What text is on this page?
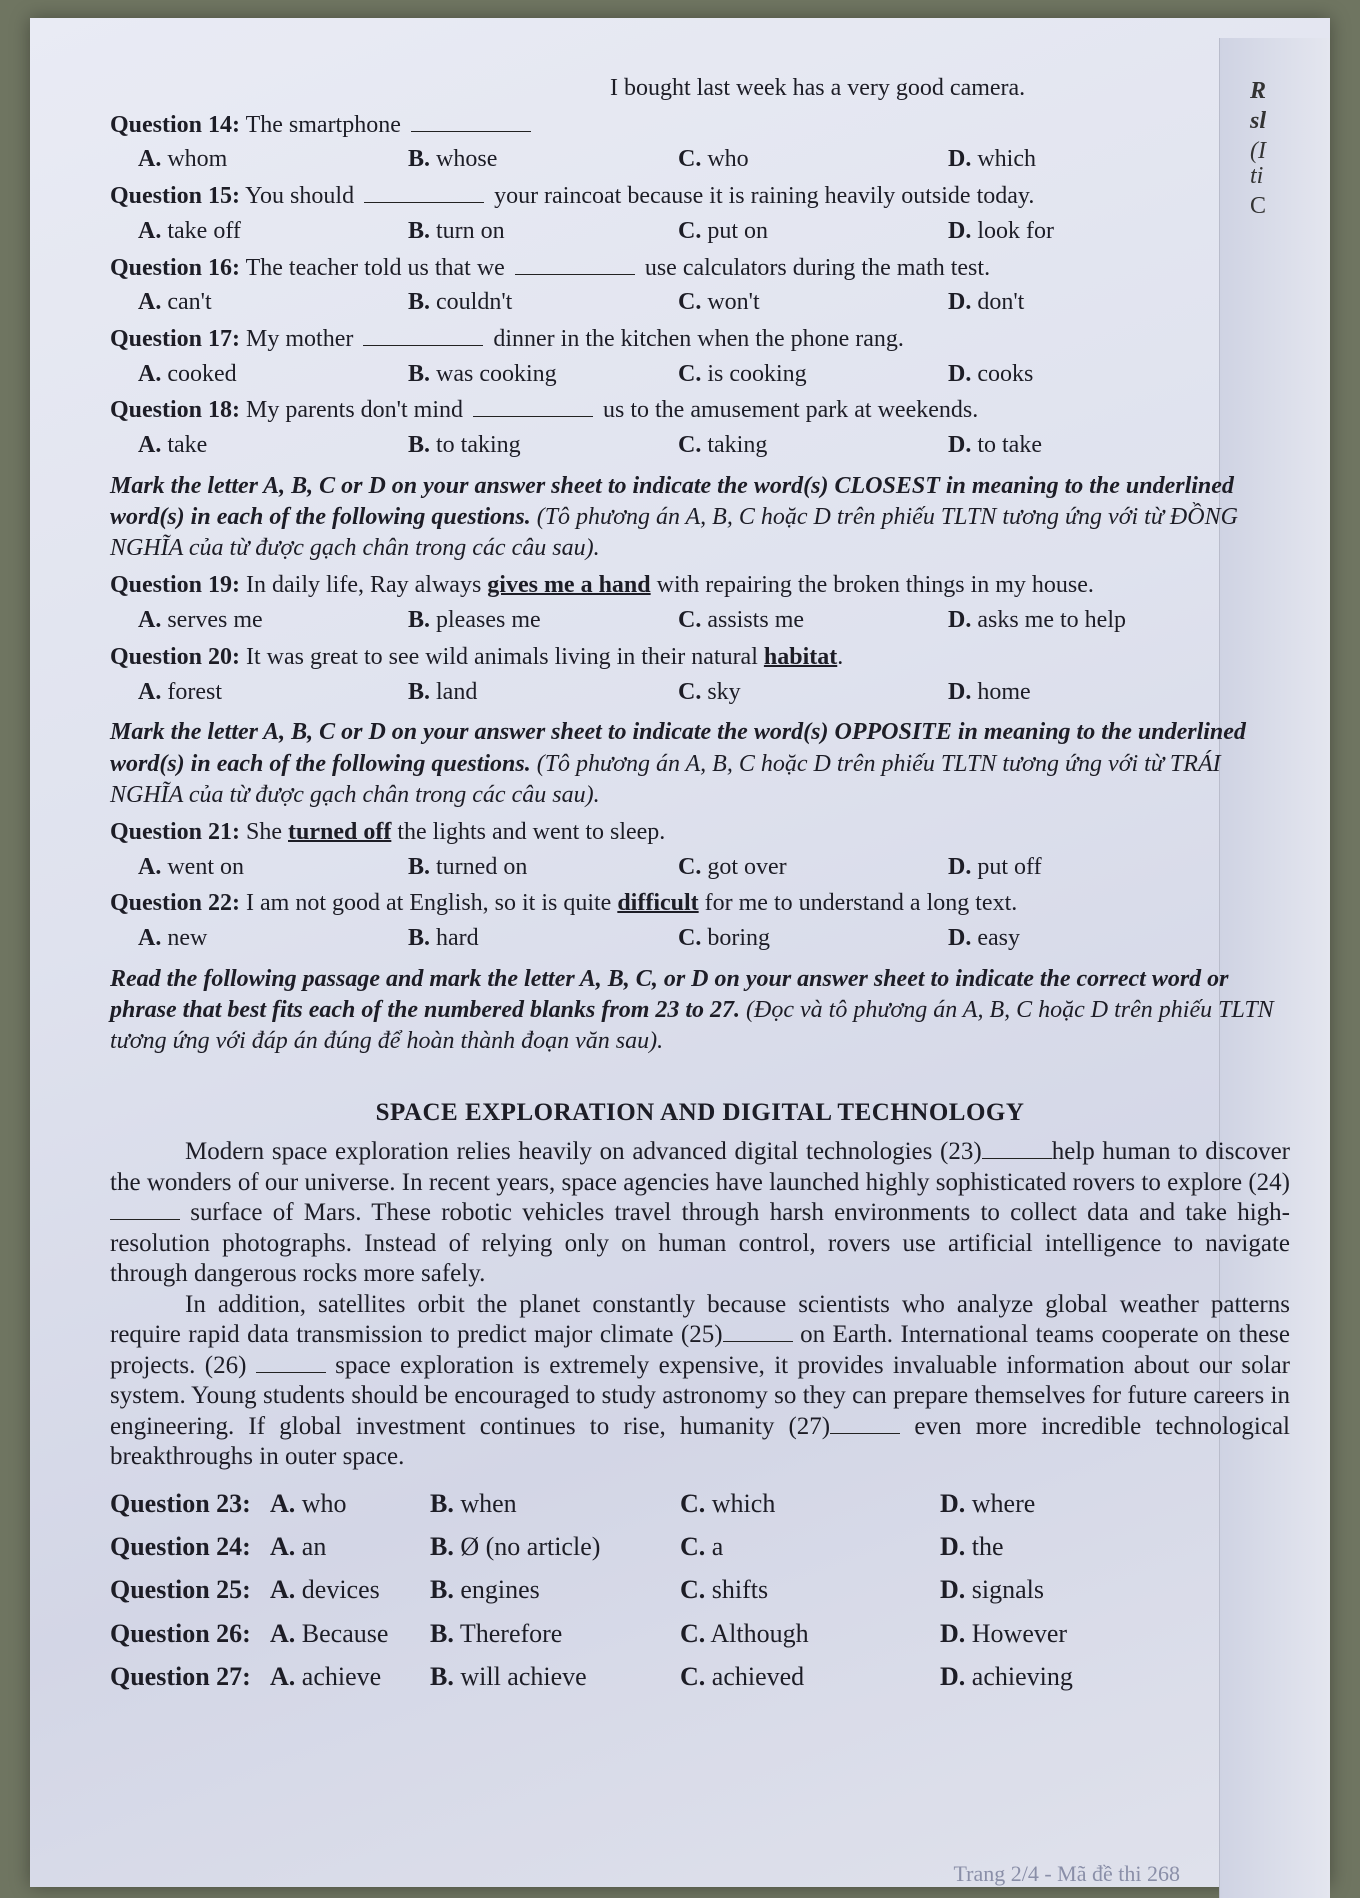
R
sl
(I
ti
C
I bought last week has a very good camera.
Question 14: The smartphone
A. whom	B. whose	C. who	D. which
Question 15: You should	your raincoat because it is raining heavily outside today.
A. take off	B. turn on	C. put on	D. look for
Question 16: The teacher told us that we	use calculators during the math test.
A. can't	B. couldn't	C. won't	D. don't
Question 17: My mother	dinner in the kitchen when the phone rang.
A. cooked	B. was cooking	C. is cooking	D. cooks
Question 18: My parents don't mind	us to the amusement park at weekends.
A. take	B. to taking	C. taking	D. to take
Mark the letter A, B, C or D on your answer sheet to indicate the word(s) CLOSEST in meaning to the underlined word(s) in each of the following questions. (Tô phương án A, B, C hoặc D trên phiếu TLTN tương ứng với từ ĐỒNG NGHĨA của từ được gạch chân trong các câu sau).
Question 19: In daily life, Ray always gives me a hand with repairing the broken things in my house.
A. serves me	B. pleases me	C. assists me	D. asks me to help
Question 20: It was great to see wild animals living in their natural habitat.
A. forest	B. land	C. sky	D. home
Mark the letter A, B, C or D on your answer sheet to indicate the word(s) OPPOSITE in meaning to the underlined word(s) in each of the following questions. (Tô phương án A, B, C hoặc D trên phiếu TLTN tương ứng với từ TRÁI NGHĨA của từ được gạch chân trong các câu sau).
Question 21: She turned off the lights and went to sleep.
A. went on	B. turned on	C. got over	D. put off
Question 22: I am not good at English, so it is quite difficult for me to understand a long text.
A. new	B. hard	C. boring	D. easy
Read the following passage and mark the letter A, B, C, or D on your answer sheet to indicate the correct word or phrase that best fits each of the numbered blanks from 23 to 27. (Đọc và tô phương án A, B, C hoặc D trên phiếu TLTN tương ứng với đáp án đúng để hoàn thành đoạn văn sau).
SPACE EXPLORATION AND DIGITAL TECHNOLOGY

Modern space exploration relies heavily on advanced digital technologies (23)	help human to discover the wonders of our universe. In recent years, space agencies have launched highly sophisticated rovers to explore (24) surface of Mars. These robotic vehicles travel through harsh environments to collect data and take high-resolution photographs. Instead of relying only on human control, rovers use artificial intelligence to navigate through dangerous rocks more safely.

In addition, satellites orbit the planet constantly because scientists who analyze global weather patterns require rapid data transmission to predict major climate (25)	on Earth. International teams cooperate on these projects. (26)	space exploration is extremely expensive, it provides invaluable information about our solar system. Young students should be encouraged to study astronomy so they can prepare themselves for future careers in engineering. If global investment continues to rise, humanity (27)	even more incredible technological breakthroughs in outer space.

Question 23: A. who	B. when	C. which	D. where
Question 24: A. an	B. Ø (no article)	C. a	D. the
Question 25: A. devices	B. engines	C. shifts	D. signals
Question 26: A. Because	B. Therefore	C. Although	D. However
Question 27: A. achieve	B. will achieve	C. achieved	D. achieving
Trang 2/4 - Mã đề thi 268
